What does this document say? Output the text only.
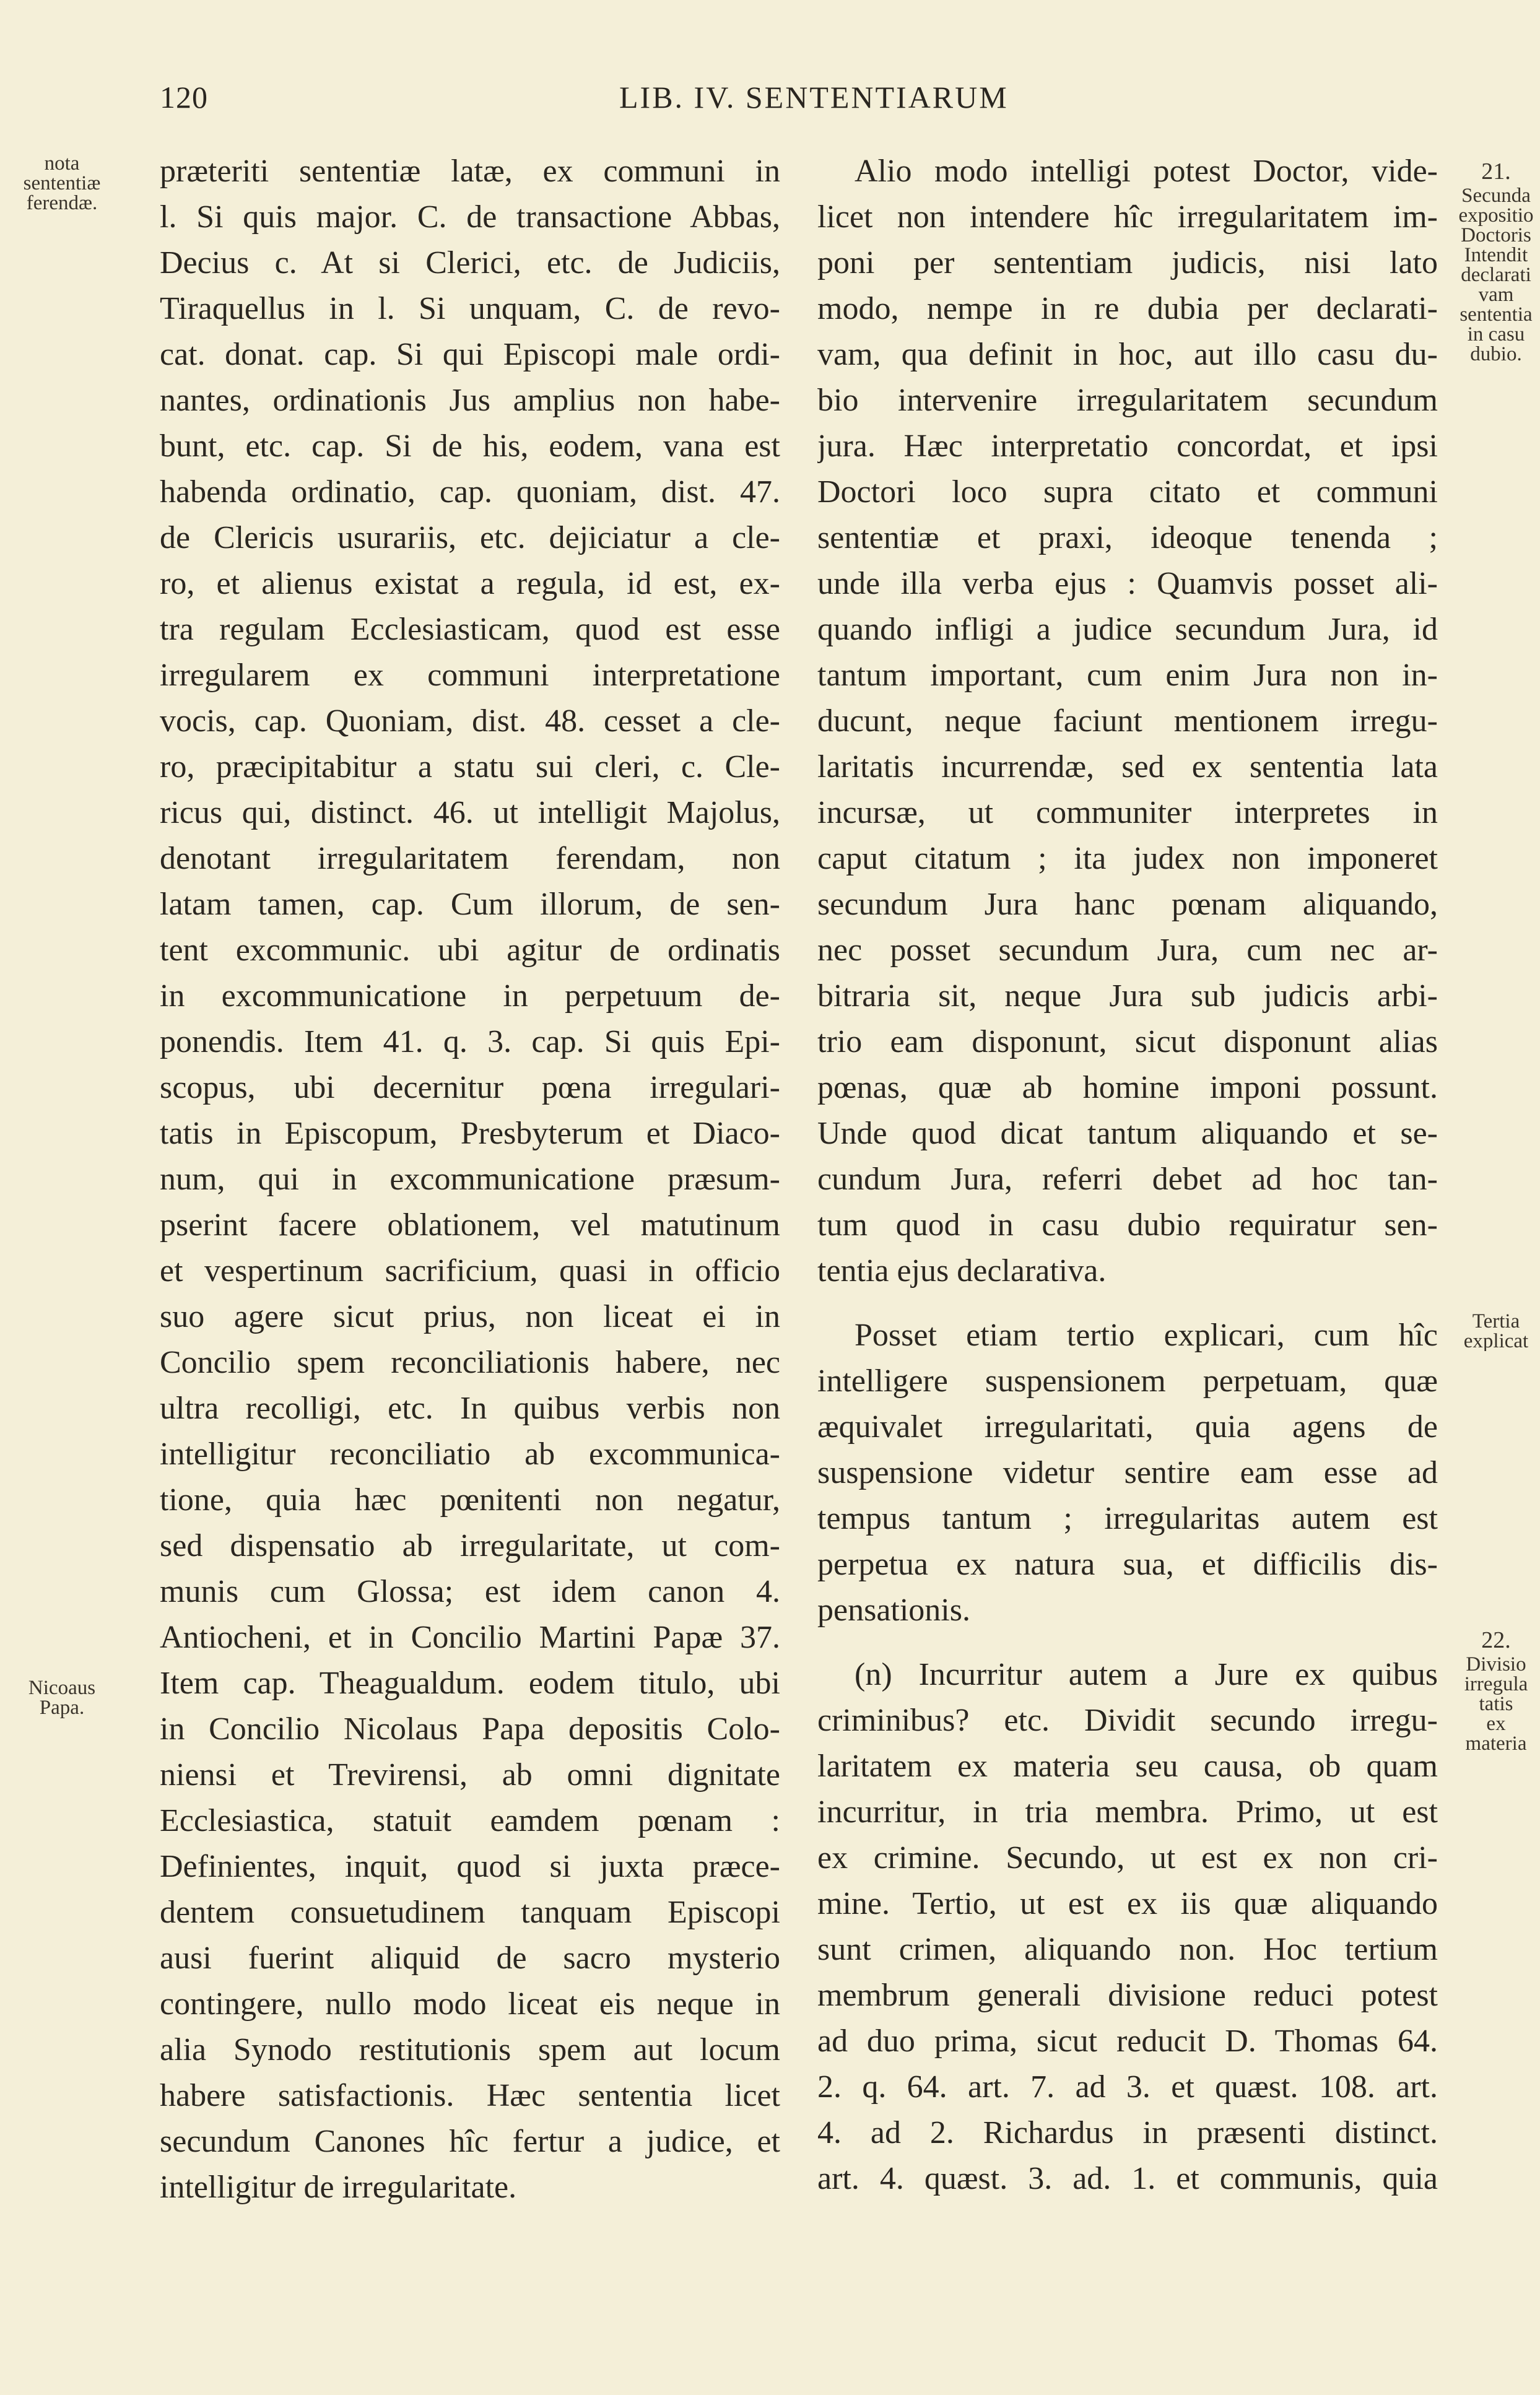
120	LIB. IV. SENTENTIARUM
nota
sententiæ
ferendæ.
Nicoaus
Papa.
21.
Secunda
expositio
Doctoris
Intendit
declarati
vam
sententia
in casu
dubio.
Tertia
explicat
22.
Divisio
irregula
tatis
ex
materia
præteriti sententiæ latæ, ex communi in
l. Si quis major. C. de transactione Abbas,
Decius c. At si Clerici, etc. de Judiciis,
Tiraquellus in l. Si unquam, C. de revo-
cat. donat. cap. Si qui Episcopi male ordi-
nantes, ordinationis Jus amplius non habe-
bunt, etc. cap. Si de his, eodem, vana est
habenda ordinatio, cap. quoniam, dist. 47.
de Clericis usurariis, etc. dejiciatur a cle-
ro, et alienus existat a regula, id est, ex-
tra regulam Ecclesiasticam, quod est esse
irregularem ex communi interpretatione
vocis, cap. Quoniam, dist. 48. cesset a cle-
ro, præcipitabitur a statu sui cleri, c. Cle-
ricus qui, distinct. 46. ut intelligit Majolus,
denotant irregularitatem ferendam, non
latam tamen, cap. Cum illorum, de sen-
tent excommunic. ubi agitur de ordinatis
in excommunicatione in perpetuum de-
ponendis. Item 41. q. 3. cap. Si quis Epi-
scopus, ubi decernitur pœna irregulari-
tatis in Episcopum, Presbyterum et Diaco-
num, qui in excommunicatione præsum-
pserint facere oblationem, vel matutinum
et vespertinum sacrificium, quasi in officio
suo agere sicut prius, non liceat ei in
Concilio spem reconciliationis habere, nec
ultra recolligi, etc. In quibus verbis non
intelligitur reconciliatio ab excommunica-
tione, quia hæc pœnitenti non negatur,
sed dispensatio ab irregularitate, ut com-
munis cum Glossa; est idem canon 4.
Antiocheni, et in Concilio Martini Papæ 37.
Item cap. Theagualdum. eodem titulo, ubi
in Concilio Nicolaus Papa depositis Colo-
niensi et Trevirensi, ab omni dignitate
Ecclesiastica, statuit eamdem pœnam :
Definientes, inquit, quod si juxta præce-
dentem consuetudinem tanquam Episcopi
ausi fuerint aliquid de sacro mysterio
contingere, nullo modo liceat eis neque in
alia Synodo restitutionis spem aut locum
habere satisfactionis. Hæc sententia licet
secundum Canones hîc fertur a judice, et
intelligitur de irregularitate.
Alio modo intelligi potest Doctor, vide-
licet non intendere hîc irregularitatem im-
poni per sententiam judicis, nisi lato
modo, nempe in re dubia per declarati-
vam, qua definit in hoc, aut illo casu du-
bio intervenire irregularitatem secundum
jura. Hæc interpretatio concordat, et ipsi
Doctori loco supra citato et communi
sententiæ et praxi, ideoque tenenda ;
unde illa verba ejus : Quamvis posset ali-
quando infligi a judice secundum Jura, id
tantum important, cum enim Jura non in-
ducunt, neque faciunt mentionem irregu-
laritatis incurrendæ, sed ex sententia lata
incursæ, ut communiter interpretes in
caput citatum ; ita judex non imponeret
secundum Jura hanc pœnam aliquando,
nec posset secundum Jura, cum nec ar-
bitraria sit, neque Jura sub judicis arbi-
trio eam disponunt, sicut disponunt alias
pœnas, quæ ab homine imponi possunt.
Unde quod dicat tantum aliquando et se-
cundum Jura, referri debet ad hoc tan-
tum quod in casu dubio requiratur sen-
tentia ejus declarativa.
Posset etiam tertio explicari, cum hîc
intelligere suspensionem perpetuam, quæ
æquivalet irregularitati, quia agens de
suspensione videtur sentire eam esse ad
tempus tantum ; irregularitas autem est
perpetua ex natura sua, et difficilis dis-
pensationis.
(n) Incurritur autem a Jure ex quibus
criminibus? etc. Dividit secundo irregu-
laritatem ex materia seu causa, ob quam
incurritur, in tria membra. Primo, ut est
ex crimine. Secundo, ut est ex non cri-
mine. Tertio, ut est ex iis quæ aliquando
sunt crimen, aliquando non. Hoc tertium
membrum generali divisione reduci potest
ad duo prima, sicut reducit D. Thomas 64.
2. q. 64. art. 7. ad 3. et quæst. 108. art.
4. ad 2. Richardus in præsenti distinct.
art. 4. quæst. 3. ad. 1. et communis, quia
